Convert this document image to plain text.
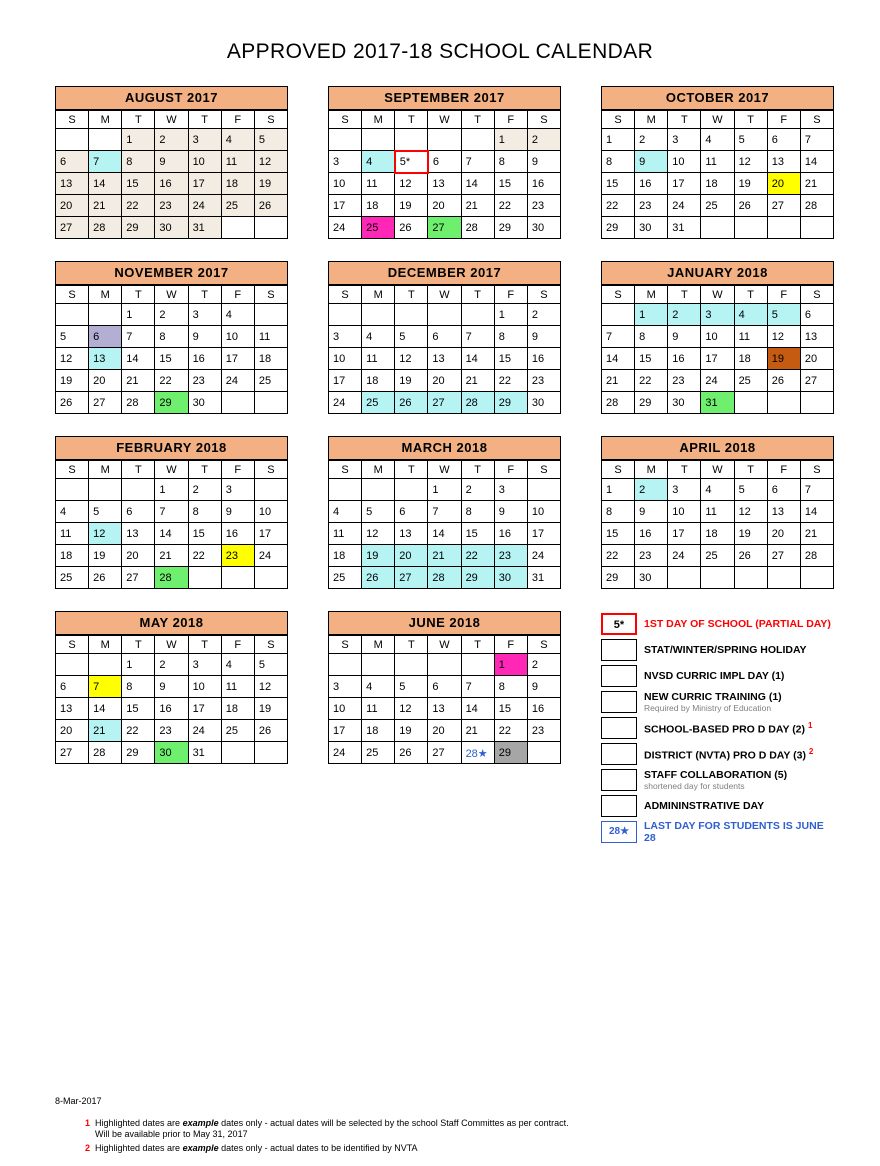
APPROVED 2017-18 SCHOOL CALENDAR
AUGUST 2017
S	M	T	W	T	F	S
		1	2	3	4	5
6	7	8	9	10	11	12
13	14	15	16	17	18	19
20	21	22	23	24	25	26
27	28	29	30	31		
SEPTEMBER 2017
S	M	T	W	T	F	S
					1	2
3	4	5*	6	7	8	9
10	11	12	13	14	15	16
17	18	19	20	21	22	23
24	25	26	27	28	29	30
OCTOBER 2017
S	M	T	W	T	F	S
1	2	3	4	5	6	7
8	9	10	11	12	13	14
15	16	17	18	19	20	21
22	23	24	25	26	27	28
29	30	31				
NOVEMBER 2017
S	M	T	W	T	F	S
		1	2	3	4	
5	6	7	8	9	10	11
12	13	14	15	16	17	18
19	20	21	22	23	24	25
26	27	28	29	30		
DECEMBER 2017
S	M	T	W	T	F	S
					1	2
3	4	5	6	7	8	9
10	11	12	13	14	15	16
17	18	19	20	21	22	23
24	25	26	27	28	29	30
JANUARY 2018
S	M	T	W	T	F	S
	1	2	3	4	5	6
7	8	9	10	11	12	13
14	15	16	17	18	19	20
21	22	23	24	25	26	27
28	29	30	31			
FEBRUARY 2018
S	M	T	W	T	F	S
			1	2	3	
4	5	6	7	8	9	10
11	12	13	14	15	16	17
18	19	20	21	22	23	24
25	26	27	28			
MARCH 2018
S	M	T	W	T	F	S
			1	2	3	
4	5	6	7	8	9	10
11	12	13	14	15	16	17
18	19	20	21	22	23	24
25	26	27	28	29	30	31
APRIL 2018
S	M	T	W	T	F	S
1	2	3	4	5	6	7
8	9	10	11	12	13	14
15	16	17	18	19	20	21
22	23	24	25	26	27	28
29	30					
MAY 2018
S	M	T	W	T	F	S
		1	2	3	4	5
6	7	8	9	10	11	12
13	14	15	16	17	18	19
20	21	22	23	24	25	26
27	28	29	30	31		
JUNE 2018
S	M	T	W	T	F	S
					1	2
3	4	5	6	7	8	9
10	11	12	13	14	15	16
17	18	19	20	21	22	23
24	25	26	27	28★	29	
5*	1ST DAY OF SCHOOL (PARTIAL DAY)
STAT/WINTER/SPRING HOLIDAY
NVSD CURRIC IMPL DAY (1)
NEW CURRIC TRAINING (1)
Required by Ministry of Education
SCHOOL-BASED PRO D DAY (2) $^1$
DISTRICT (NVTA) PRO D DAY (3) $^2$
STAFF COLLABORATION (5)
shortened day for students
ADMININSTRATIVE DAY
28★	LAST DAY FOR STUDENTS IS JUNE 28
8-Mar-2017
1 Highlighted dates are example dates only - actual dates will be selected by the school Staff Committes as per contract. Will be available prior to May 31, 2017
2 Highlighted dates are example dates only - actual dates to be identified by NVTA
